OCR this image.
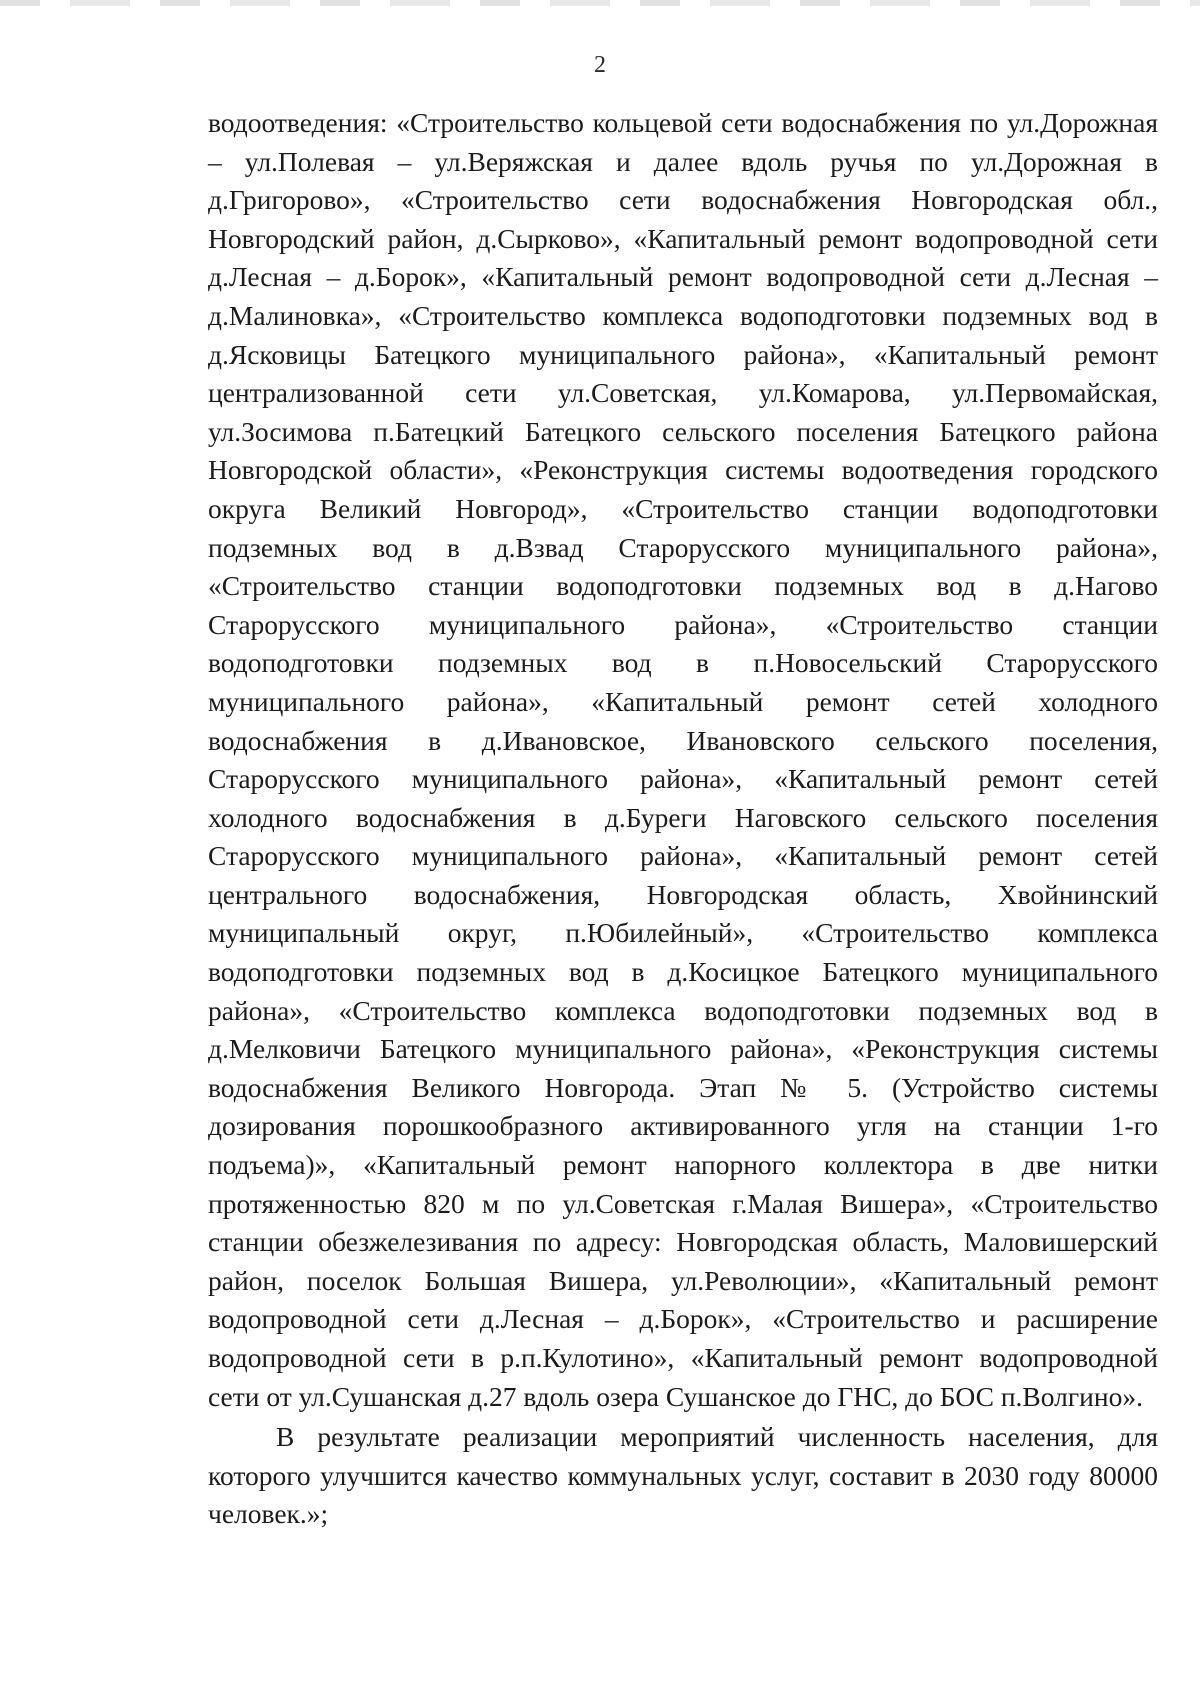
2

водоотведения: «Строительство кольцевой сети водоснабжения по ул.Дорожная – ул.Полевая – ул.Веряжская и далее вдоль ручья по ул.Дорожная в д.Григорово», «Строительство сети водоснабжения Новгородская обл., Новгородский район, д.Сырково», «Капитальный ремонт водопроводной сети д.Лесная – д.Борок», «Капитальный ремонт водопроводной сети д.Лесная – д.Малиновка», «Строительство комплекса водоподготовки подземных вод в д.Ясковицы Батецкого муниципального района», «Капитальный ремонт централизованной сети ул.Советская, ул.Комарова, ул.Первомайская, ул.Зосимова п.Батецкий Батецкого сельского поселения Батецкого района Новгородской области», «Реконструкция системы водоотведения городского округа Великий Новгород», «Строительство станции водоподготовки подземных вод в д.Взвад Старорусского муниципального района», «Строительство станции водоподготовки подземных вод в д.Нагово Старорусского муниципального района», «Строительство станции водоподготовки подземных вод в п.Новосельский Старорусского муниципального района», «Капитальный ремонт сетей холодного водоснабжения в д.Ивановское, Ивановского сельского поселения, Старорусского муниципального района», «Капитальный ремонт сетей холодного водоснабжения в д.Буреги Наговского сельского поселения Старорусского муниципального района», «Капитальный ремонт сетей центрального водоснабжения, Новгородская область, Хвойнинский муниципальный округ, п.Юбилейный», «Строительство комплекса водоподготовки подземных вод в д.Косицкое Батецкого муниципального района», «Строительство комплекса водоподготовки подземных вод в д.Мелковичи Батецкого муниципального района», «Реконструкция системы водоснабжения Великого Новгорода. Этап № 5. (Устройство системы дозирования порошкообразного активированного угля на станции 1-го подъема)», «Капитальный ремонт напорного коллектора в две нитки протяженностью 820 м по ул.Советская г.Малая Вишера», «Строительство станции обезжелезивания по адресу: Новгородская область, Маловишерский район, поселок Большая Вишера, ул.Революции», «Капитальный ремонт водопроводной сети д.Лесная – д.Борок», «Строительство и расширение водопроводной сети в р.п.Кулотино», «Капитальный ремонт водопроводной сети от ул.Сушанская д.27 вдоль озера Сушанское до ГНС, до БОС п.Волгино».

В результате реализации мероприятий численность населения, для которого улучшится качество коммунальных услуг, составит в 2030 году 80000 человек.»;
